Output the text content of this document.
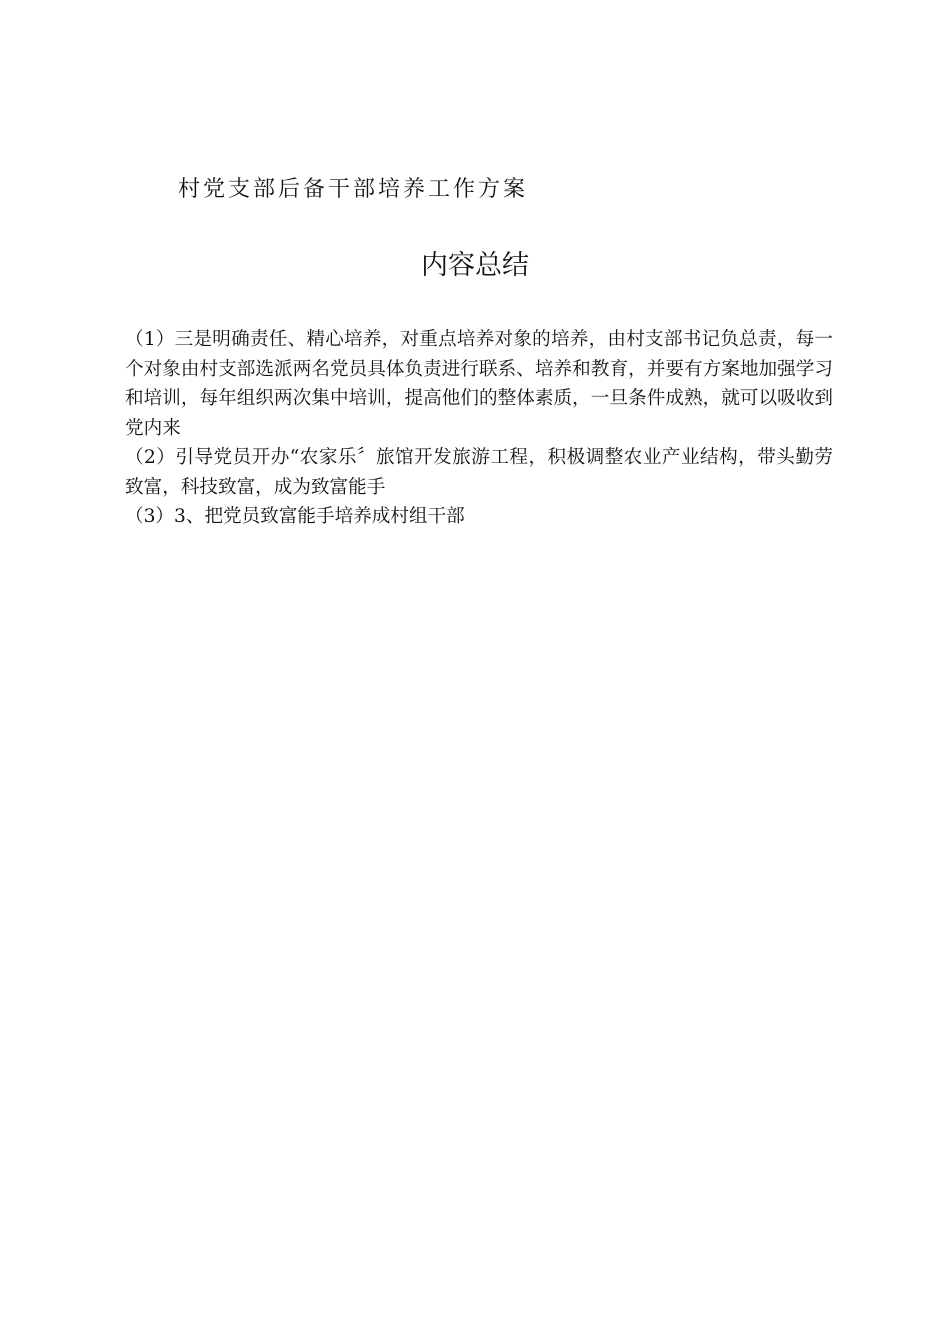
村党支部后备干部培养工作方案
内容总结

（1）三是明确责任、精心培养，对重点培养对象的培养，由村支部书记负总责，每一个对象由村支部选派两名党员具体负责进行联系、培养和教育，并要有方案地加强学习和培训，每年组织两次集中培训，提高他们的整体素质，一旦条件成熟，就可以吸收到党内来

（2）引导党员开办“农家乐〞旅馆开发旅游工程，积极调整农业产业结构，带头勤劳致富，科技致富，成为致富能手

（3）3、把党员致富能手培养成村组干部
